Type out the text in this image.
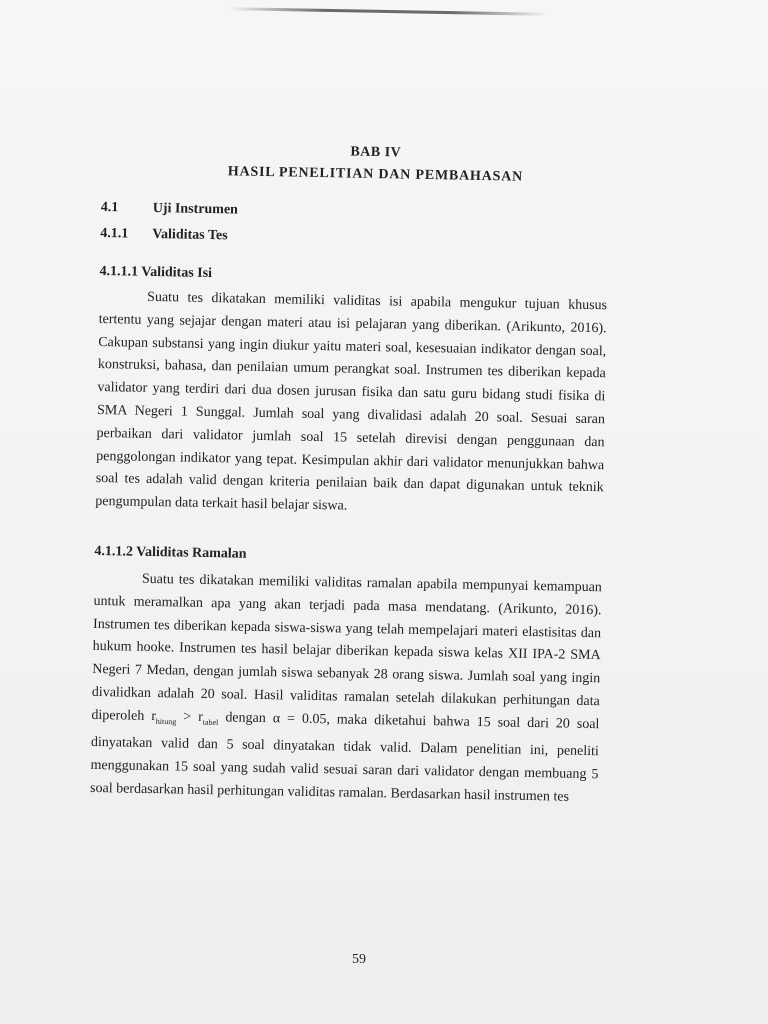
BAB IV
HASIL PENELITIAN DAN PEMBAHASAN
4.1	Uji Instrumen
4.1.1	Validitas Tes
4.1.1.1 Validitas Isi

Suatu tes dikatakan memiliki validitas isi apabila mengukur tujuan khusus tertentu yang sejajar dengan materi atau isi pelajaran yang diberikan. (Arikunto, 2016). Cakupan substansi yang ingin diukur yaitu materi soal, kesesuaian indikator dengan soal, konstruksi, bahasa, dan penilaian umum perangkat soal. Instrumen tes diberikan kepada validator yang terdiri dari dua dosen jurusan fisika dan satu guru bidang studi fisika di SMA Negeri 1 Sunggal. Jumlah soal yang divalidasi adalah 20 soal. Sesuai saran perbaikan dari validator jumlah soal 15 setelah direvisi dengan penggunaan dan penggolongan indikator yang tepat. Kesimpulan akhir dari validator menunjukkan bahwa soal tes adalah valid dengan kriteria penilaian baik dan dapat digunakan untuk teknik pengumpulan data terkait hasil belajar siswa.

4.1.1.2 Validitas Ramalan

Suatu tes dikatakan memiliki validitas ramalan apabila mempunyai kemampuan untuk meramalkan apa yang akan terjadi pada masa mendatang. (Arikunto, 2016). Instrumen tes diberikan kepada siswa-siswa yang telah mempelajari materi elastisitas dan hukum hooke. Instrumen tes hasil belajar diberikan kepada siswa kelas XII IPA-2 SMA Negeri 7 Medan, dengan jumlah siswa sebanyak 28 orang siswa. Jumlah soal yang ingin divalidkan adalah 20 soal. Hasil validitas ramalan setelah dilakukan perhitungan data diperoleh $r_{hitung} > r_{tabel}$ dengan α = 0.05, maka diketahui bahwa 15 soal dari 20 soal dinyatakan valid dan 5 soal dinyatakan tidak valid. Dalam penelitian ini, peneliti menggunakan 15 soal yang sudah valid sesuai saran dari validator dengan membuang 5 soal berdasarkan hasil perhitungan validitas ramalan. Berdasarkan hasil instrumen tes

59
